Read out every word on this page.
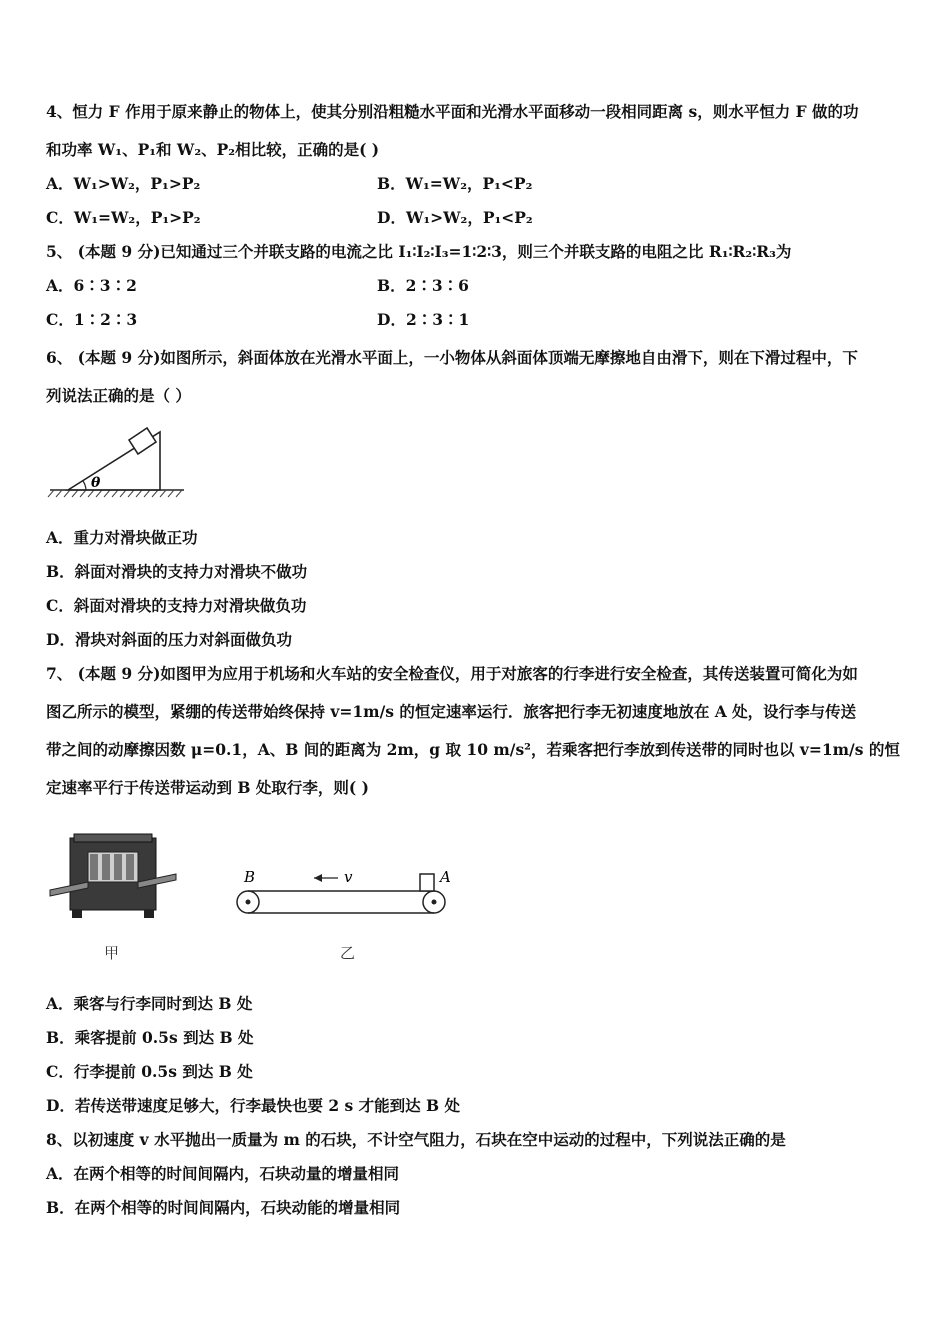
4、恒力 F 作用于原来静止的物体上，使其分别沿粗糙水平面和光滑水平面移动一段相同距离 s，则水平恒力 F 做的功
和功率 W₁、P₁和 W₂、P₂相比较，正确的是( )
A．W₁>W₂，P₁>P₂	B．W₁=W₂，P₁<P₂
C．W₁=W₂，P₁>P₂	D．W₁>W₂，P₁<P₂
5、 (本题 9 分)已知通过三个并联支路的电流之比 I₁∶I₂∶I₃=1∶2∶3，则三个并联支路的电阻之比 R₁∶R₂∶R₃为
A．6∶3∶2	B．2∶3∶6
C．1∶2∶3	D．2∶3∶1
6、 (本题 9 分)如图所示，斜面体放在光滑水平面上，一小物体从斜面体顶端无摩擦地自由滑下，则在下滑过程中，下
列说法正确的是（ ）
θ
A．重力对滑块做正功
B．斜面对滑块的支持力对滑块不做功
C．斜面对滑块的支持力对滑块做负功
D．滑块对斜面的压力对斜面做负功
7、 (本题 9 分)如图甲为应用于机场和火车站的安全检查仪，用于对旅客的行李进行安全检查，其传送装置可简化为如
图乙所示的模型，紧绷的传送带始终保持 v=1m/s 的恒定速率运行．旅客把行李无初速度地放在 A 处，设行李与传送
带之间的动摩擦因数 μ=0.1，A、B 间的距离为 2m，g 取 10 m/s²，若乘客把行李放到传送带的同时也以 v=1m/s 的恒
定速率平行于传送带运动到 B 处取行李，则( )
甲
B	A
v
乙
A．乘客与行李同时到达 B 处
B．乘客提前 0.5s 到达 B 处
C．行李提前 0.5s 到达 B 处
D．若传送带速度足够大，行李最快也要 2 s 才能到达 B 处
8、以初速度 v 水平抛出一质量为 m 的石块，不计空气阻力，石块在空中运动的过程中，下列说法正确的是
A．在两个相等的时间间隔内，石块动量的增量相同
B．在两个相等的时间间隔内，石块动能的增量相同
